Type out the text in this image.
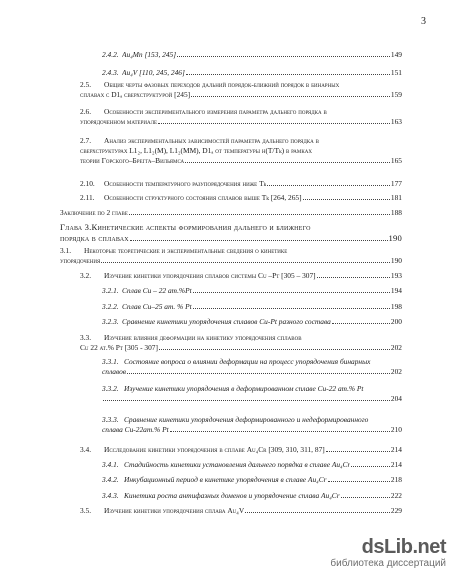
3
2.4.2. Au₄Mn [153, 245]	149
2.4.3. Au₄V [110, 245, 246]	151
2.5. Общие черты фазовых переходов дальний порядок-ближний порядок в бинарных
сплавах с D1ₐ сверхструктурой [245]	159
2.6. Особенности экспериментального измерения параметра дальнего порядка в
упорядоченном материале	163
2.7. Анализ экспериментальных зависимостей параметра дальнего порядка в
сверхструктурах L1₂, L1₂(M), L1₂(MM), D1ₐ от температуры η(T/Tₖ) в рамках
теории Горского–Брегга–Вильямса	165
2.10.	Особенности температурного разупорядочения ниже Tₖ	177
2.11.	Особенности структурного состояния сплавов выше Tₖ [264, 265]	181
Заключение по 2 главе	188
Глава 3.Кинетические аспекты формирования дальнего и ближнего
порядка в сплавах	190
3.1. Некоторые теоретические и экспериментальные сведения о кинетике
упорядочения	190
3.2.	Изучение кинетики упорядочения сплавов системы Cu –Pt [305 – 307]	193
3.2.1. Сплав Cu – 22 ат.%Pt	194
3.2.2. Сплав Cu–25 ат. % Pt	198
3.2.3. Сравнение кинетики упорядочения сплавов Cu-Pt разного состава	200
3.3. Изучение влияния деформации на кинетику упорядочения сплавов
Cu 22 ат.% Pt [305 - 307]	202
3.3.1. Состояние вопроса о влиянии деформации на процесс упорядочения бинарных
сплавов	202
3.3.2. Изучение кинетики упорядочения в деформированном сплаве Cu-22 ат.% Pt
204
3.3.3. Сравнение кинетики упорядочения деформированного и недеформированного
сплава Cu-22ат.% Pt	210
3.4.	Исследование кинетики упорядочения в сплаве Au₄Cr [309, 310, 311, 87]	214
3.4.1. Стадийность кинетики установления дальнего порядка в сплаве Au₄Cr	214
3.4.2. Инкубационный период в кинетике упорядочения в сплаве Au₄Cr	218
3.4.3. Кинетика роста антифазных доменов и упорядочение сплава Au₄Cr	222
3.5.	Изучение кинетики упорядочения сплава Au₄V	229
dsLib.net
библиотека диссертаций
